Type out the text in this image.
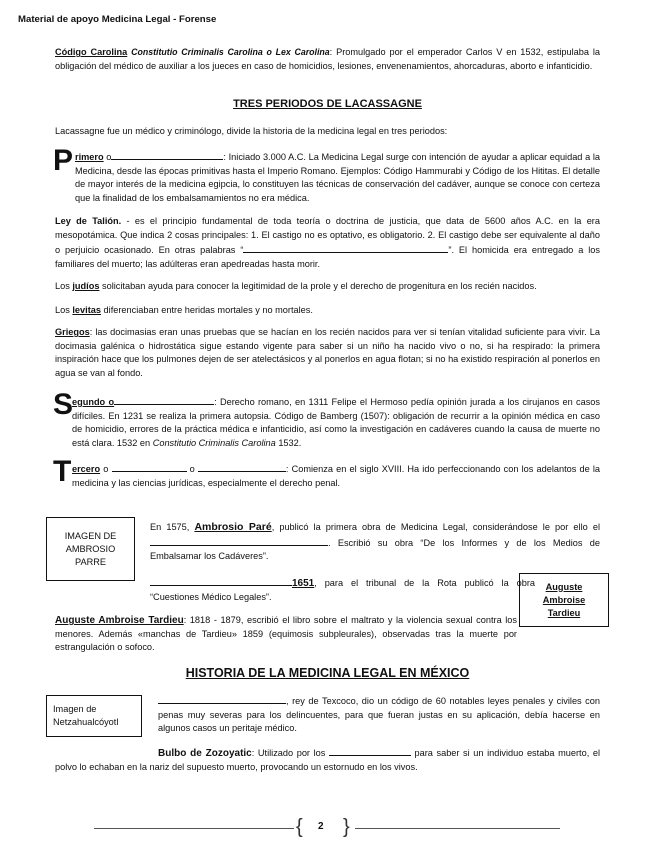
Material de apoyo Medicina Legal - Forense
Código Carolina Constitutio Criminalis Carolina o Lex Carolina: Promulgado por el emperador Carlos V en 1532, estipulaba la obligación del médico de auxiliar a los jueces en caso de homicidios, lesiones, envenenamientos, ahorcaduras, aborto e infanticidio.
TRES PERIODOS DE LACASSAGNE
Lacassagne fue un médico y criminólogo, divide la historia de la medicina legal en tres periodos:
P rimero o	: Iniciado 3.000 A.C. La Medicina Legal surge con intención de ayudar a aplicar equidad a la Medicina, desde las épocas primitivas hasta el Imperio Romano. Ejemplos: Código Hammurabi y Código de los Hititas. El detalle de mayor interés de la medicina egipcia, lo constituyen las técnicas de conservación del cadáver, aunque se conoce con certeza que la finalidad de los embalsamamientos no era médica.
Ley de Talión. - es el principio fundamental de toda teoría o doctrina de justicia, que data de 5600 años A.C. en la era mesopotámica. Que indica 2 cosas principales: 1. El castigo no es optativo, es obligatorio. 2. El castigo debe ser equivalente al daño o perjuicio ocasionado. En otras palabras “	”. El homicida era entregado a los familiares del muerto; las adúlteras eran apedreadas hasta morir.
Los judíos solicitaban ayuda para conocer la legitimidad de la prole y el derecho de progenitura en los recién nacidos.
Los levitas diferenciaban entre heridas mortales y no mortales.
Griegos: las docimasias eran unas pruebas que se hacían en los recién nacidos para ver si tenían vitalidad suficiente para vivir. La docimasia galénica o hidrostática sigue estando vigente para saber si un niño ha nacido vivo o no, si ha respirado: la primera inspiración hace que los pulmones dejen de ser atelectásicos y al ponerlos en agua flotan; si no ha existido respiración al ponerlos en agua se van al fondo.
S
egundo o	: Derecho romano, en 1311 Felipe el Hermoso pedía opinión jurada a los cirujanos en casos difíciles. En 1231 se realiza la primera autopsia. Código de Bamberg (1507): obligación de recurrir a la opinión médica en caso de homicidio, errores de la práctica médica e infanticidio, así como la investigación en cadáveres cuando la causa de muerte no está clara. 1532 en Constitutio Criminalis Carolina 1532.
T ercero o	o	: Comienza en el siglo XVIII. Ha ido perfeccionando con los adelantos de la medicina y las ciencias jurídicas, especialmente el derecho penal.
IMAGEN DE AMBROSIO PARRE
En 1575, Ambrosio Paré, publicó la primera obra de Medicina Legal, considerándose le por ello el . Escribió su obra “De los Informes y de los Medios de Embalsamar los Cadáveres”.
1651, para el tribunal de la Rota publicó la obra “Cuestiones Médico Legales”.
Auguste Ambroise Tardieu
Auguste Ambroise Tardieu: 1818 - 1879, escribió el libro sobre el maltrato y la violencia sexual contra los menores. Además «manchas de Tardieu» 1859 (equimosis subpleurales), observadas tras la muerte por estrangulación o sofoco.
HISTORIA DE LA MEDICINA LEGAL EN MÉXICO
Imagen de Netzahualcóyotl
, rey de Texcoco, dio un código de 60 notables leyes penales y civiles con penas muy severas para los delincuentes, para que fueran justas en su aplicación, debía hacerse en algunos casos un peritaje médico.
Bulbo de Zozoyatic: Utilizado por los	para saber si un individuo estaba muerto, el polvo lo echaban en la nariz del supuesto muerto, provocando un estornudo en los vivos.
{ 2 }
